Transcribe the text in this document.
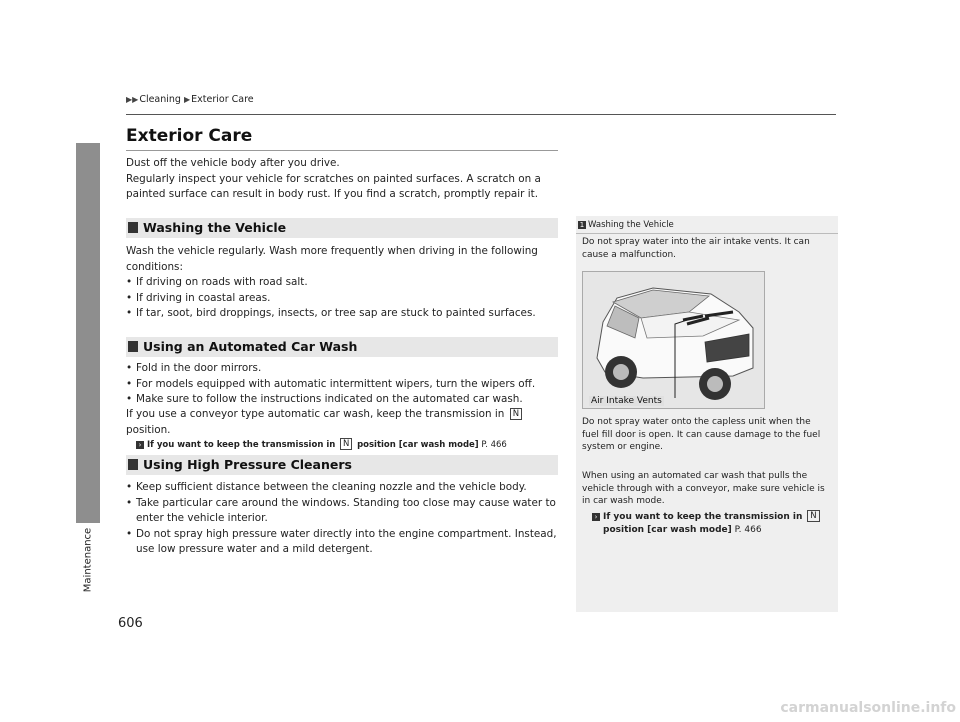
Maintenance
▶▶Cleaning ▶Exterior Care
Exterior Care

Dust off the vehicle body after you drive.
Regularly inspect your vehicle for scratches on painted surfaces. A scratch on a
painted surface can result in body rust. If you find a scratch, promptly repair it.

Washing the Vehicle

Wash the vehicle regularly. Wash more frequently when driving in the following
conditions:

• If driving on roads with road salt.
• If driving in coastal areas.
• If tar, soot, bird droppings, insects, or tree sap are stuck to painted surfaces.
Using an Automated Car Wash
• Fold in the door mirrors.
• For models equipped with automatic intermittent wipers, turn the wipers off.
• Make sure to follow the instructions indicated on the automated car wash.

If you use a conveyor type automatic car wash, keep the transmission in N position.

› If you want to keep the transmission in N position [car wash mode] P. 466
Using High Pressure Cleaners
• Keep sufficient distance between the cleaning nozzle and the vehicle body.
• Take particular care around the windows. Standing too close may cause water to
enter the vehicle interior.
• Do not spray high pressure water directly into the engine compartment. Instead,
use low pressure water and a mild detergent.
1 Washing the Vehicle

Do not spray water into the air intake vents. It can
cause a malfunction.

Air Intake Vents

Do not spray water onto the capless unit when the
fuel fill door is open. It can cause damage to the fuel
system or engine.

When using an automated car wash that pulls the
vehicle through with a conveyor, make sure vehicle is
in car wash mode.

› If you want to keep the transmission in N
position [car wash mode] P. 466
606
carmanualsonline.info
